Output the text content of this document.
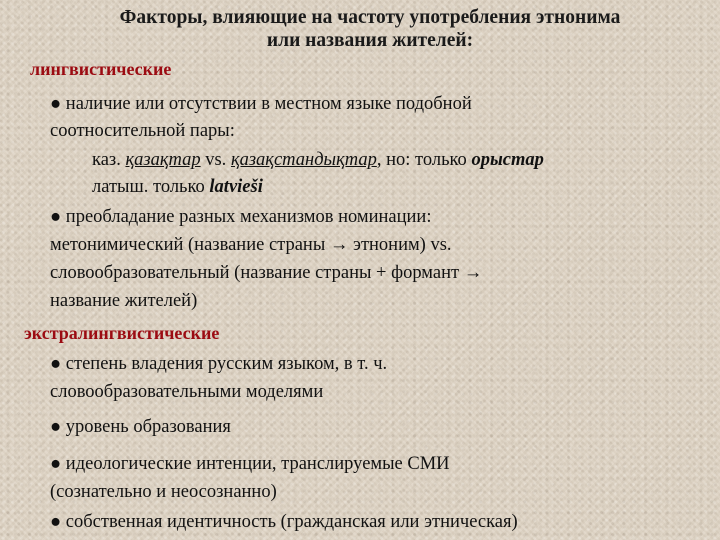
Факторы, влияющие на частоту употребления этнонима
или названия жителей:
лингвистические
● наличие или отсутствии в местном языке подобной
соотносительной пары:
каз. қазақтар vs. қазақстандықтар, но: только орыстар
латыш. только latvieši
● преобладание разных механизмов номинации:
метонимический (название страны → этноним) vs.
словообразовательный (название страны + формант →
название жителей)
экстралингвистические
● степень владения русским языком, в т. ч.
словообразовательными моделями
● уровень образования
● идеологические интенции, транслируемые СМИ
(сознательно и неосознанно)
● собственная идентичность (гражданская или этническая)
